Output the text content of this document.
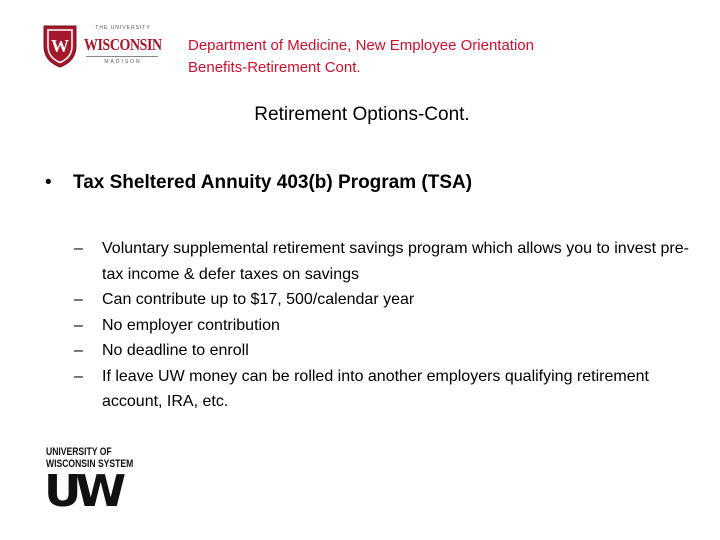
W
THE UNIVERSITY
WISCONSIN
MADISON
Department of Medicine, New Employee Orientation
Benefits-Retirement Cont.
Retirement Options-Cont.
• Tax Sheltered Annuity 403(b) Program (TSA)
– Voluntary supplemental retirement savings program which allows you to invest pre-tax income & defer taxes on savings
– Can contribute up to $17, 500/calendar year
– No employer contribution
– No deadline to enroll
– If leave UW money can be rolled into another employers qualifying retirement account, IRA, etc.
UNIVERSITY OF
WISCONSIN SYSTEM
UW
